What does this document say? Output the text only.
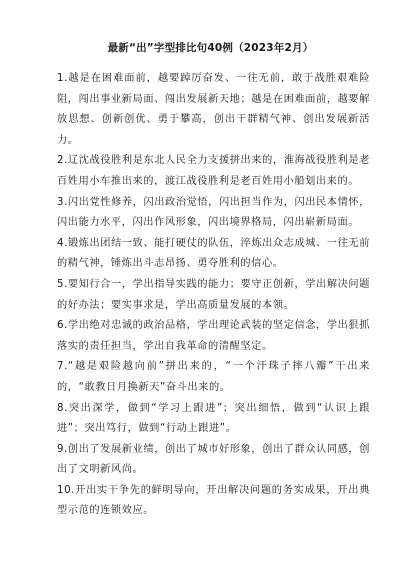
最新“出”字型排比句40例（2023年2月）

1.越是在困难面前，越要踔厉奋发、一往无前，敢于战胜艰难险阻，闯出事业新局面、闯出发展新天地；越是在困难面前，越要解放思想、创新创优、勇于攀高，创出干群精气神、创出发展新活力。

2.辽沈战役胜利是东北人民全力支援拼出来的，淮海战役胜利是老百姓用小车推出来的，渡江战役胜利是老百姓用小船划出来的。

3.闪出党性修养，闪出政治觉悟，闪出担当作为，闪出民本情怀，闪出能力水平，闪出作风形象，闪出境界格局，闪出崭新局面。

4.锻炼出团结一致、能打硬仗的队伍，淬炼出众志成城、一往无前的精气神，锤炼出斗志昂扬、勇夺胜利的信心。

5.要知行合一，学出指导实践的能力；要守正创新，学出解决问题的好办法；要实事求是，学出高质量发展的本领。

6.学出绝对忠诚的政治品格，学出理论武装的坚定信念，学出狠抓落实的责任担当，学出自我革命的清醒坚定。

7.“越是艰险越向前”拼出来的，“一个汗珠子摔八瓣”干出来的，“敢教日月换新天”奋斗出来的。

8.突出深学，做到“学习上跟进”；突出细悟，做到“认识上跟进”；突出笃行，做到“行动上跟进”。

9.创出了发展新业绩，创出了城市好形象，创出了群众认同感，创出了文明新风尚。

10.开出实干争先的鲜明导向，开出解决问题的务实成果，开出典型示范的连锁效应。
